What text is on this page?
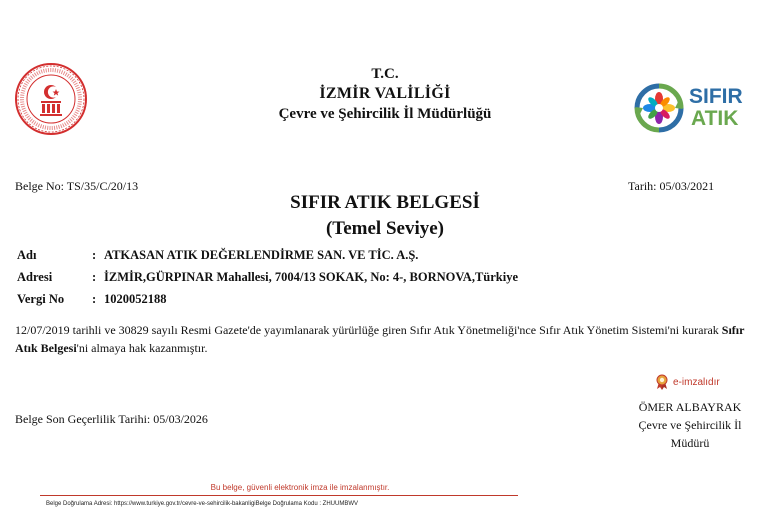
T.C.
İZMİR VALİLİĞİ
Çevre ve Şehircilik İl Müdürlüğü
SIFIR
ATIK
Belge No: TS/35/C/20/13	Tarih: 05/03/2021
SIFIR ATIK BELGESİ
(Temel Seviye)
Adı	: ATKASAN ATIK DEĞERLENDİRME SAN. VE TİC. A.Ş.
Adresi	: İZMİR,GÜRPINAR Mahallesi, 7004/13 SOKAK, No: 4-, BORNOVA,Türkiye
Vergi No	: 1020052188
12/07/2019 tarihli ve 30829 sayılı Resmi Gazete'de yayımlanarak yürürlüğe giren Sıfır Atık Yönetmeliği'nce Sıfır Atık Yönetim Sistemi'ni kurarak Sıfır Atık Belgesi'ni almaya hak kazanmıştır.
Belge Son Geçerlilik Tarihi: 05/03/2026
e-imzalıdır
ÖMER ALBAYRAK
Çevre ve Şehircilik İl
Müdürü
Bu belge, güvenli elektronik imza ile imzalanmıştır.
Belge Doğrulama Adresi: https://www.turkiye.gov.tr/cevre-ve-sehircilik-bakanligiBelge Doğrulama Kodu : ZHUUMBWV
